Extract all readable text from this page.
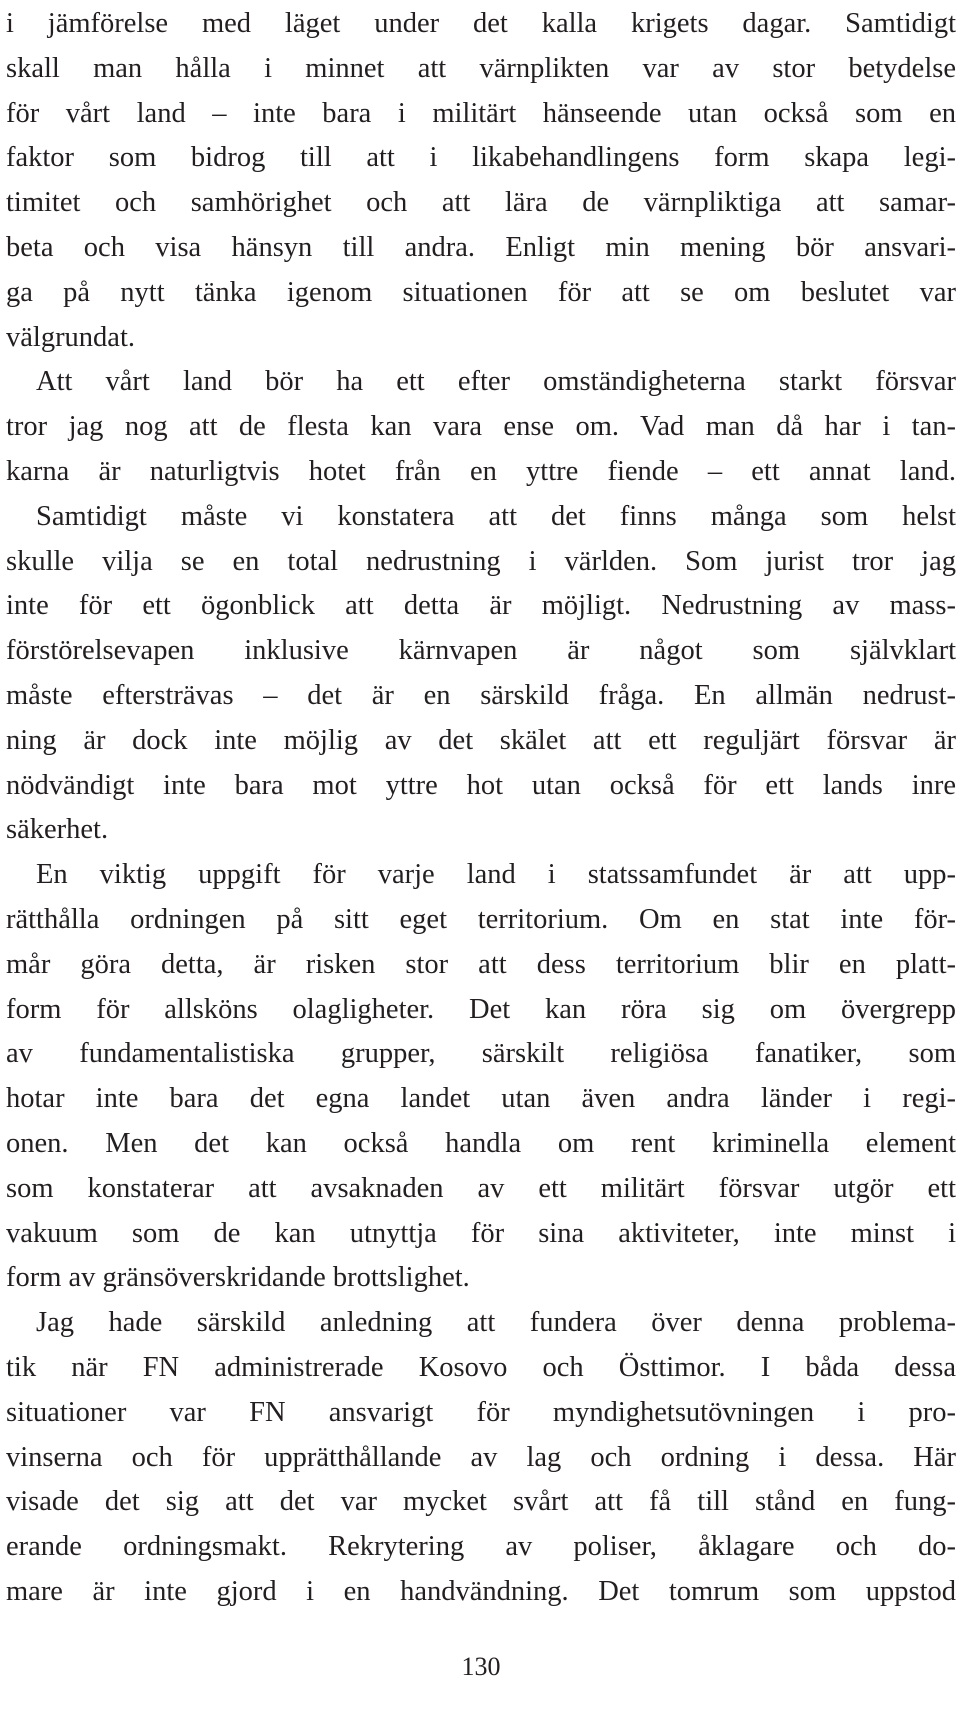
i jämförelse med läget under det kalla krigets dagar. Samtidigt
skall man hålla i minnet att värnplikten var av stor betydelse
för vårt land – inte bara i militärt hänseende utan också som en
faktor som bidrog till att i likabehandlingens form skapa legi-
timitet och samhörighet och att lära de värnpliktiga att samar-
beta och visa hänsyn till andra. Enligt min mening bör ansvari-
ga på nytt tänka igenom situationen för att se om beslutet var
välgrundat.
Att vårt land bör ha ett efter omständigheterna starkt försvar
tror jag nog att de flesta kan vara ense om. Vad man då har i tan-
karna är naturligtvis hotet från en yttre fiende – ett annat land.
Samtidigt måste vi konstatera att det finns många som helst
skulle vilja se en total nedrustning i världen. Som jurist tror jag
inte för ett ögonblick att detta är möjligt. Nedrustning av mass-
förstörelsevapen inklusive kärnvapen är något som självklart
måste eftersträvas – det är en särskild fråga. En allmän nedrust-
ning är dock inte möjlig av det skälet att ett reguljärt försvar är
nödvändigt inte bara mot yttre hot utan också för ett lands inre
säkerhet.
En viktig uppgift för varje land i statssamfundet är att upp-
rätthålla ordningen på sitt eget territorium. Om en stat inte för-
mår göra detta, är risken stor att dess territorium blir en platt-
form för allsköns olagligheter. Det kan röra sig om övergrepp
av fundamentalistiska grupper, särskilt religiösa fanatiker, som
hotar inte bara det egna landet utan även andra länder i regi-
onen. Men det kan också handla om rent kriminella element
som konstaterar att avsaknaden av ett militärt försvar utgör ett
vakuum som de kan utnyttja för sina aktiviteter, inte minst i
form av gränsöverskridande brottslighet.
Jag hade särskild anledning att fundera över denna problema-
tik när FN administrerade Kosovo och Östtimor. I båda dessa
situationer var FN ansvarigt för myndighetsutövningen i pro-
vinserna och för upprätthållande av lag och ordning i dessa. Här
visade det sig att det var mycket svårt att få till stånd en fung-
erande ordningsmakt. Rekrytering av poliser, åklagare och do-
mare är inte gjord i en handvändning. Det tomrum som uppstod
130
